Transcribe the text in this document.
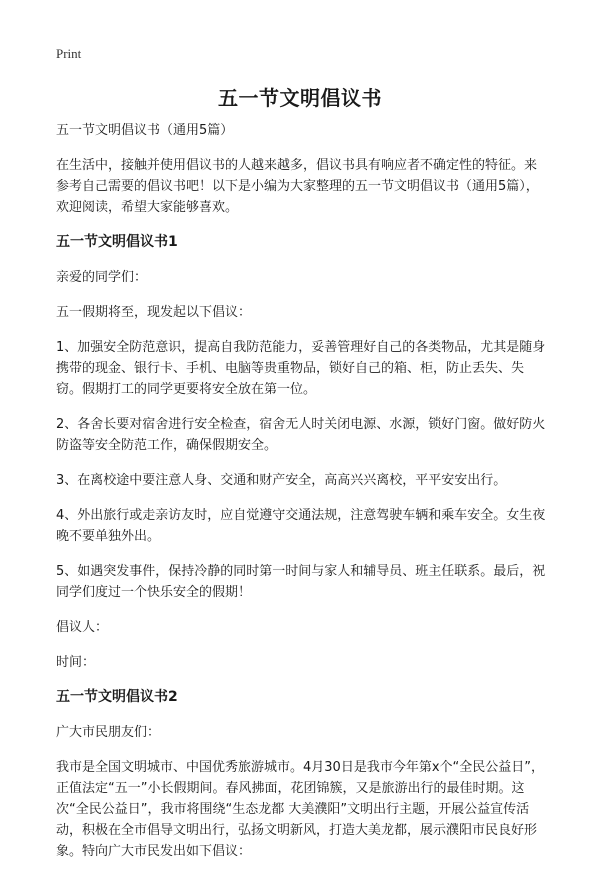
Print
五一节文明倡议书

五一节文明倡议书（通用5篇）

在生活中，接触并使用倡议书的人越来越多，倡议书具有响应者不确定性的特征。来参考自己需要的倡议书吧！以下是小编为大家整理的五一节文明倡议书（通用5篇），欢迎阅读，希望大家能够喜欢。

五一节文明倡议书1

亲爱的同学们：

五一假期将至，现发起以下倡议：

1、加强安全防范意识，提高自我防范能力，妥善管理好自己的各类物品，尤其是随身携带的现金、银行卡、手机、电脑等贵重物品，锁好自己的箱、柜，防止丢失、失窃。假期打工的同学更要将安全放在第一位。

2、各舍长要对宿舍进行安全检查，宿舍无人时关闭电源、水源，锁好门窗。做好防火防盗等安全防范工作，确保假期安全。

3、在离校途中要注意人身、交通和财产安全，高高兴兴离校，平平安安出行。

4、外出旅行或走亲访友时，应自觉遵守交通法规，注意驾驶车辆和乘车安全。女生夜晚不要单独外出。

5、如遇突发事件，保持冷静的同时第一时间与家人和辅导员、班主任联系。最后，祝同学们度过一个快乐安全的假期！

倡议人：

时间：

五一节文明倡议书2

广大市民朋友们：

我市是全国文明城市、中国优秀旅游城市。4月30日是我市今年第x个“全民公益日”，正值法定“五一”小长假期间。春风拂面，花团锦簇，又是旅游出行的最佳时期。这次“全民公益日”，我市将围绕“生态龙都 大美濮阳”文明出行主题，开展公益宣传活动，积极在全市倡导文明出行，弘扬文明新风，打造大美龙都，展示濮阳市民良好形象。特向广大市民发出如下倡议：
